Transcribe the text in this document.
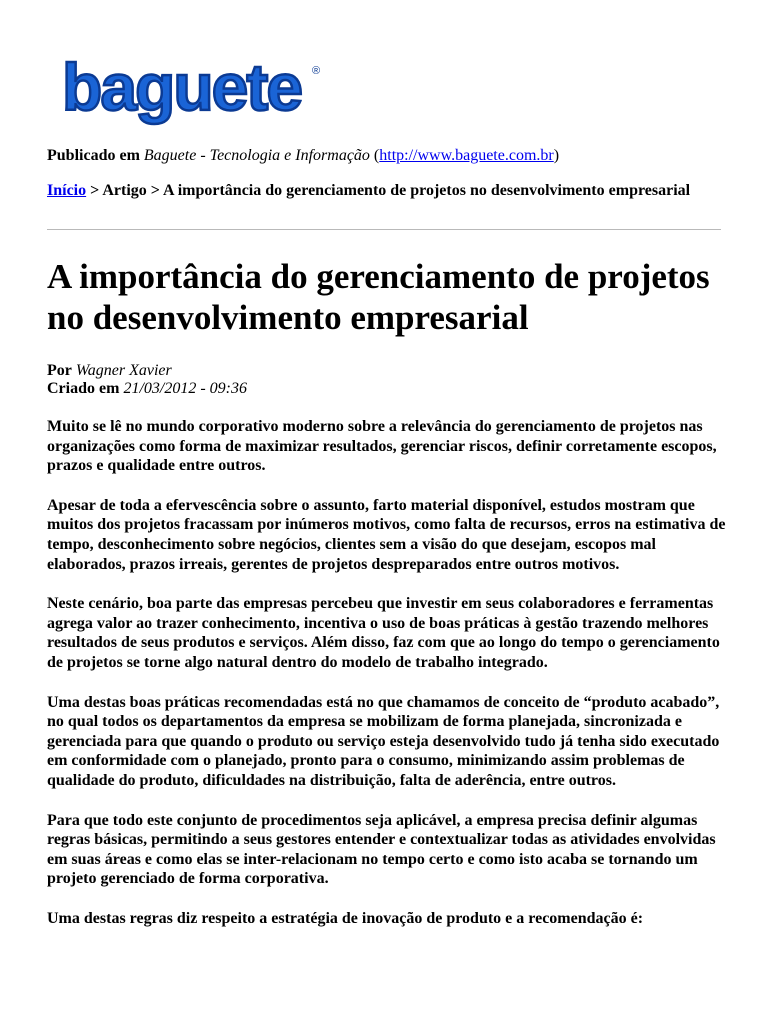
baguete ®
Publicado em Baguete - Tecnologia e Informação (http://www.baguete.com.br)
Início > Artigo > A importância do gerenciamento de projetos no desenvolvimento empresarial
A importância do gerenciamento de projetos no desenvolvimento empresarial
Por Wagner Xavier
Criado em 21/03/2012 - 09:36

Muito se lê no mundo corporativo moderno sobre a relevância do gerenciamento de projetos nas organizações como forma de maximizar resultados, gerenciar riscos, definir corretamente escopos, prazos e qualidade entre outros.

Apesar de toda a efervescência sobre o assunto, farto material disponível, estudos mostram que muitos dos projetos fracassam por inúmeros motivos, como falta de recursos, erros na estimativa de tempo, desconhecimento sobre negócios, clientes sem a visão do que desejam, escopos mal elaborados, prazos irreais, gerentes de projetos despreparados entre outros motivos.

Neste cenário, boa parte das empresas percebeu que investir em seus colaboradores e ferramentas agrega valor ao trazer conhecimento, incentiva o uso de boas práticas à gestão trazendo melhores resultados de seus produtos e serviços. Além disso, faz com que ao longo do tempo o gerenciamento de projetos se torne algo natural dentro do modelo de trabalho integrado.

Uma destas boas práticas recomendadas está no que chamamos de conceito de “produto acabado”, no qual todos os departamentos da empresa se mobilizam de forma planejada, sincronizada e gerenciada para que quando o produto ou serviço esteja desenvolvido tudo já tenha sido executado em conformidade com o planejado, pronto para o consumo, minimizando assim problemas de qualidade do produto, dificuldades na distribuição, falta de aderência, entre outros.

Para que todo este conjunto de procedimentos seja aplicável, a empresa precisa definir algumas regras básicas, permitindo a seus gestores entender e contextualizar todas as atividades envolvidas em suas áreas e como elas se inter-relacionam no tempo certo e como isto acaba se tornando um projeto gerenciado de forma corporativa.

Uma destas regras diz respeito a estratégia de inovação de produto e a recomendação é:
